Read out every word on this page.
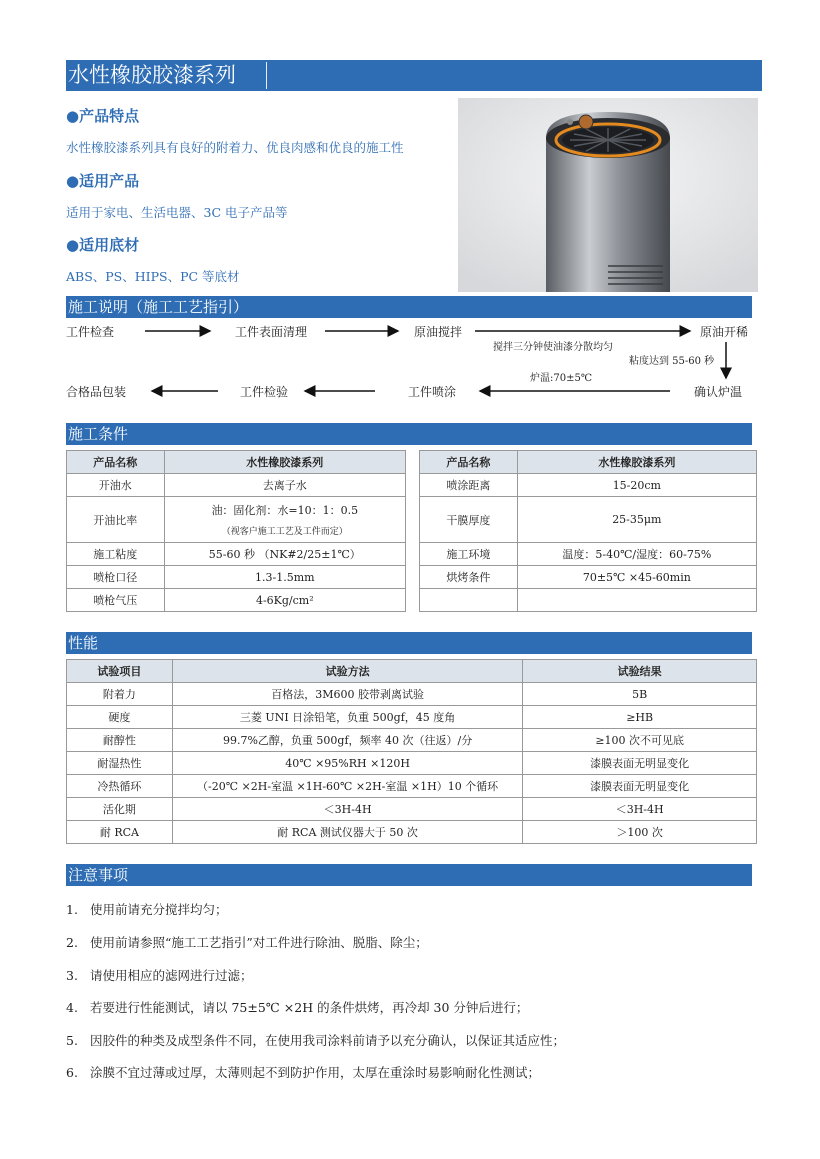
水性橡胶胶漆系列
●产品特点
水性橡胶漆系列具有良好的附着力、优良肉感和优良的施工性
●适用产品
适用于家电、生活电器、3C 电子产品等
●适用底材
ABS、PS、HIPS、PC 等底材
施工说明（施工工艺指引）
工件检查	工件表面清理	原油搅拌	原油开稀
确认炉温
工件喷涂
工件检验
合格品包装
搅拌三分钟使油漆分散均匀
粘度达到 55-60 秒
炉温:70±5℃
施工条件
产品名称	水性橡胶漆系列
开油水	去离子水
开油比率	油：固化剂：水=10：1：0.5
（视客户施工工艺及工件而定）

施工粘度	55-60 秒 （NK#2/25±1℃）
喷枪口径	1.3-1.5mm
喷枪气压	4-6Kg/cm²
产品名称	水性橡胶漆系列
喷涂距离	15-20cm
干膜厚度	25-35μm
施工环境	温度：5-40℃/湿度：60-75%
烘烤条件	70±5℃ ×45-60min

性能
试验项目	试验方法	试验结果
附着力	百格法，3M600 胶带剥离试验	5B
硬度	三菱 UNI 日涂铅笔，负重 500gf，45 度角	≥HB
耐醇性	99.7%乙醇，负重 500gf，频率 40 次（往返）/分	≥100 次不可见底
耐湿热性	40℃ ×95%RH ×120H	漆膜表面无明显变化
冷热循环	（-20℃ ×2H-室温 ×1H-60℃ ×2H-室温 ×1H）10 个循环	漆膜表面无明显变化
活化期	＜3H-4H	＜3H-4H
耐 RCA	耐 RCA 测试仪器大于 50 次	＞100 次
注意事项
1. 使用前请充分搅拌均匀；
2. 使用前请参照“施工工艺指引”对工件进行除油、脱脂、除尘；
3. 请使用相应的滤网进行过滤；
4. 若要进行性能测试，请以 75±5℃ ×2H 的条件烘烤，再冷却 30 分钟后进行；
5. 因胶件的种类及成型条件不同，在使用我司涂料前请予以充分确认，以保证其适应性；
6. 涂膜不宜过薄或过厚，太薄则起不到防护作用，太厚在重涂时易影响耐化性测试；
